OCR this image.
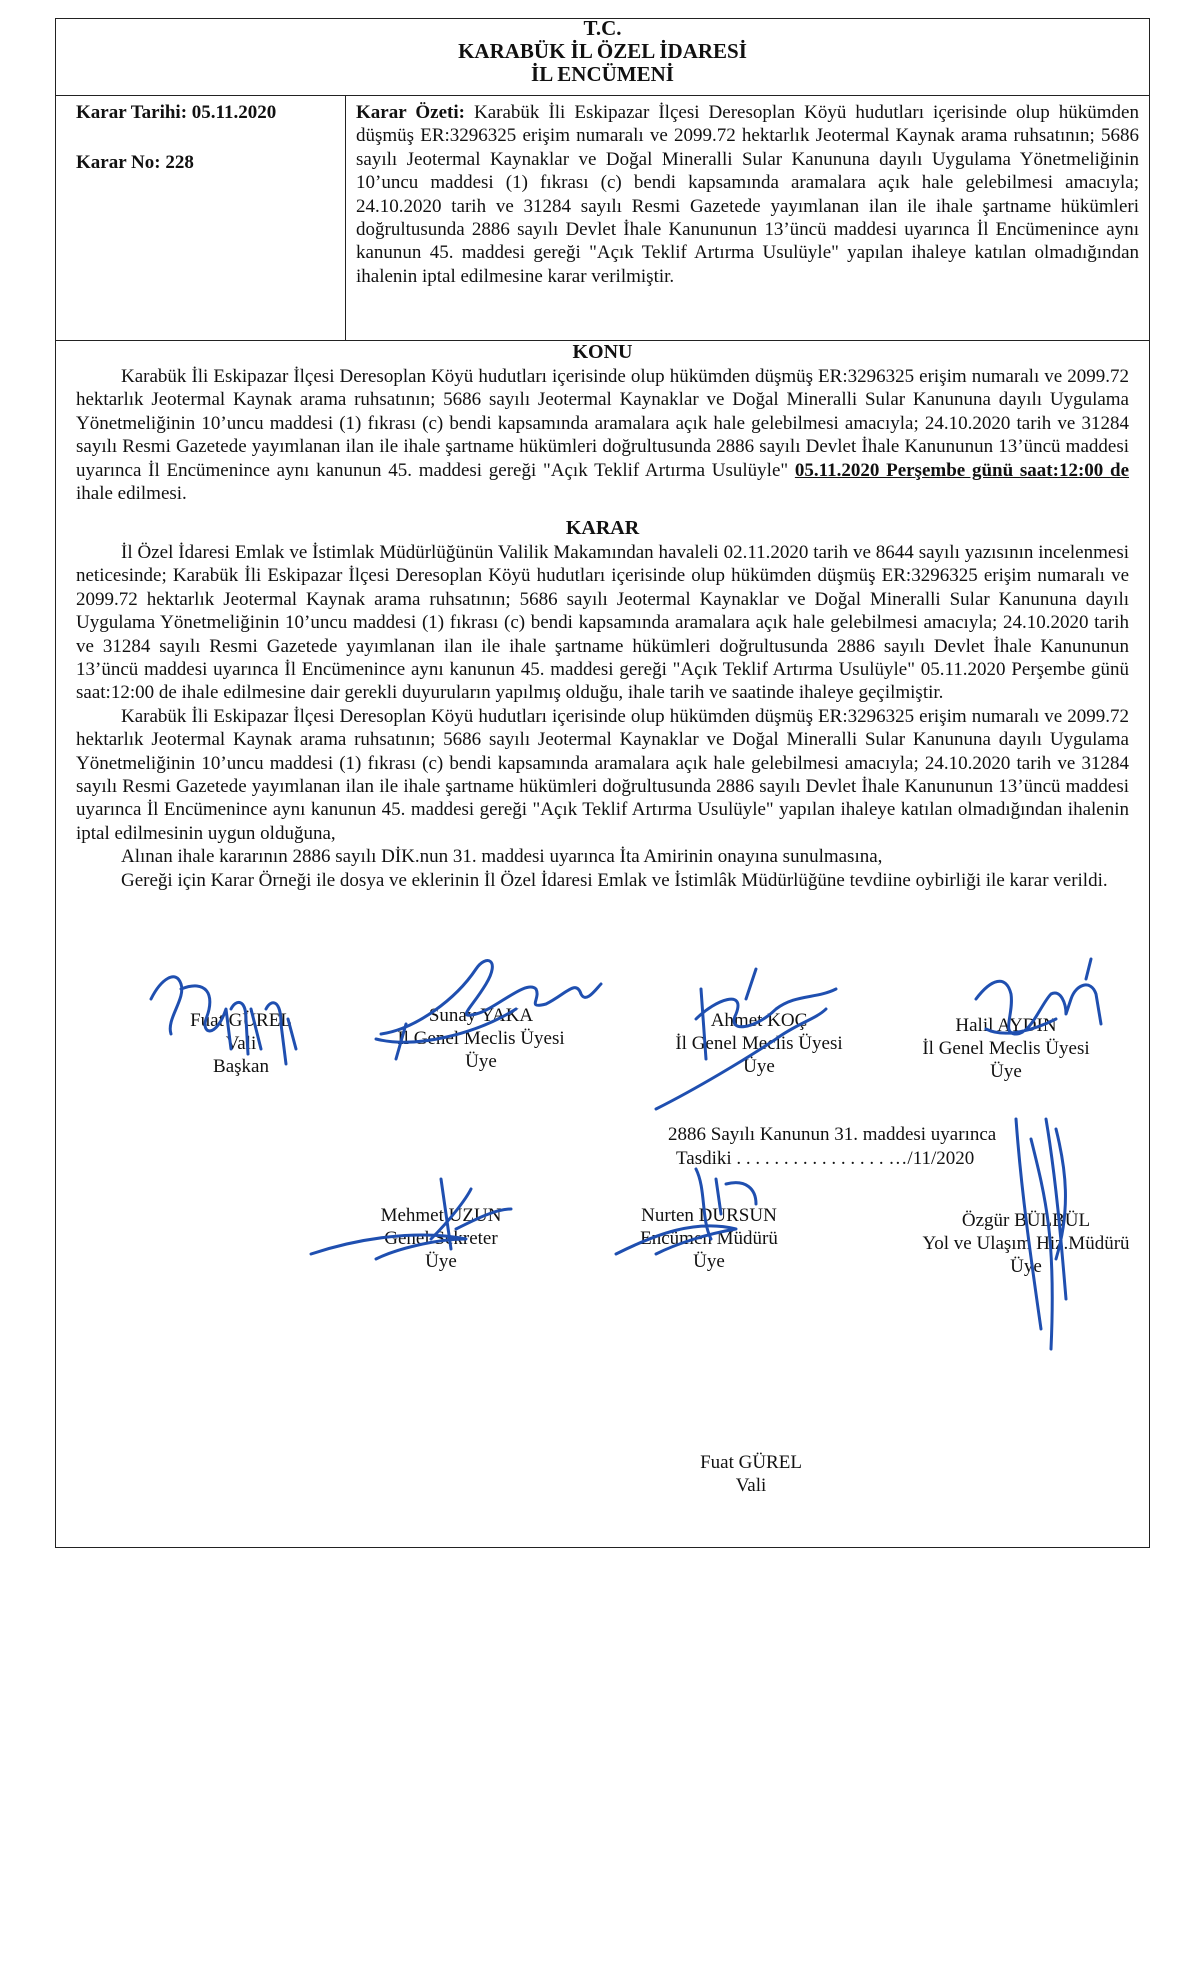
T.C.
KARABÜK İL ÖZEL İDARESİ
İL ENCÜMENİ
Karar Tarihi: 05.11.2020
Karar No: 228
Karar Özeti: Karabük İli Eskipazar İlçesi Deresoplan Köyü hudutları içerisinde olup hükümden düşmüş ER:3296325 erişim numaralı ve 2099.72 hektarlık Jeotermal Kaynak arama ruhsatının; 5686 sayılı Jeotermal Kaynaklar ve Doğal Mineralli Sular Kanununa dayılı Uygulama Yönetmeliğinin 10’uncu maddesi (1) fıkrası (c) bendi kapsamında aramalara açık hale gelebilmesi amacıyla; 24.10.2020 tarih ve 31284 sayılı Resmi Gazetede yayımlanan ilan ile ihale şartname hükümleri doğrultusunda 2886 sayılı Devlet İhale Kanununun 13’üncü maddesi uyarınca İl Encümenince aynı kanunun 45. maddesi gereği "Açık Teklif Artırma Usulüyle" yapılan ihaleye katılan olmadığından ihalenin iptal edilmesine karar verilmiştir.
KONU

Karabük İli Eskipazar İlçesi Deresoplan Köyü hudutları içerisinde olup hükümden düşmüş ER:3296325 erişim numaralı ve 2099.72 hektarlık Jeotermal Kaynak arama ruhsatının; 5686 sayılı Jeotermal Kaynaklar ve Doğal Mineralli Sular Kanununa dayılı Uygulama Yönetmeliğinin 10’uncu maddesi (1) fıkrası (c) bendi kapsamında aramalara açık hale gelebilmesi amacıyla; 24.10.2020 tarih ve 31284 sayılı Resmi Gazetede yayımlanan ilan ile ihale şartname hükümleri doğrultusunda 2886 sayılı Devlet İhale Kanununun 13’üncü maddesi uyarınca İl Encümenince aynı kanunun 45. maddesi gereği "Açık Teklif Artırma Usulüyle" 05.11.2020 Perşembe günü saat:12:00 de ihale edilmesi.

KARAR

İl Özel İdaresi Emlak ve İstimlak Müdürlüğünün Valilik Makamından havaleli 02.11.2020 tarih ve 8644 sayılı yazısının incelenmesi neticesinde; Karabük İli Eskipazar İlçesi Deresoplan Köyü hudutları içerisinde olup hükümden düşmüş ER:3296325 erişim numaralı ve 2099.72 hektarlık Jeotermal Kaynak arama ruhsatının; 5686 sayılı Jeotermal Kaynaklar ve Doğal Mineralli Sular Kanununa dayılı Uygulama Yönetmeliğinin 10’uncu maddesi (1) fıkrası (c) bendi kapsamında aramalara açık hale gelebilmesi amacıyla; 24.10.2020 tarih ve 31284 sayılı Resmi Gazetede yayımlanan ilan ile ihale şartname hükümleri doğrultusunda 2886 sayılı Devlet İhale Kanununun 13’üncü maddesi uyarınca İl Encümenince aynı kanunun 45. maddesi gereği "Açık Teklif Artırma Usulüyle" 05.11.2020 Perşembe günü saat:12:00 de ihale edilmesine dair gerekli duyuruların yapılmış olduğu, ihale tarih ve saatinde ihaleye geçilmiştir.

Karabük İli Eskipazar İlçesi Deresoplan Köyü hudutları içerisinde olup hükümden düşmüş ER:3296325 erişim numaralı ve 2099.72 hektarlık Jeotermal Kaynak arama ruhsatının; 5686 sayılı Jeotermal Kaynaklar ve Doğal Mineralli Sular Kanununa dayılı Uygulama Yönetmeliğinin 10’uncu maddesi (1) fıkrası (c) bendi kapsamında aramalara açık hale gelebilmesi amacıyla; 24.10.2020 tarih ve 31284 sayılı Resmi Gazetede yayımlanan ilan ile ihale şartname hükümleri doğrultusunda 2886 sayılı Devlet İhale Kanununun 13’üncü maddesi uyarınca İl Encümenince aynı kanunun 45. maddesi gereği "Açık Teklif Artırma Usulüyle" yapılan ihaleye katılan olmadığından ihalenin iptal edilmesinin uygun olduğuna,

Alınan ihale kararının 2886 sayılı DİK.nun 31. maddesi uyarınca İta Amirinin onayına sunulmasına,

Gereği için Karar Örneği ile dosya ve eklerinin İl Özel İdaresi Emlak ve İstimlâk Müdürlüğüne tevdiine oybirliği ile karar verildi.

Fuat GÜREL
Vali
Başkan
Sunay YAKA
İl Genel Meclis Üyesi
Üye
Ahmet KOÇ
İl Genel Meclis Üyesi
Üye
Halil AYDIN
İl Genel Meclis Üyesi
Üye
Mehmet UZUN
Genel Sekreter
Üye
Nurten DURSUN
Encümen Müdürü
Üye
Özgür BÜLBÜL
Yol ve Ulaşım Hiz.Müdürü
Üye
2886 Sayılı Kanunun 31. maddesi uyarınca
Tasdiki . . . . . . . . . . . . . . . . …/11/2020
Fuat GÜREL
Vali
